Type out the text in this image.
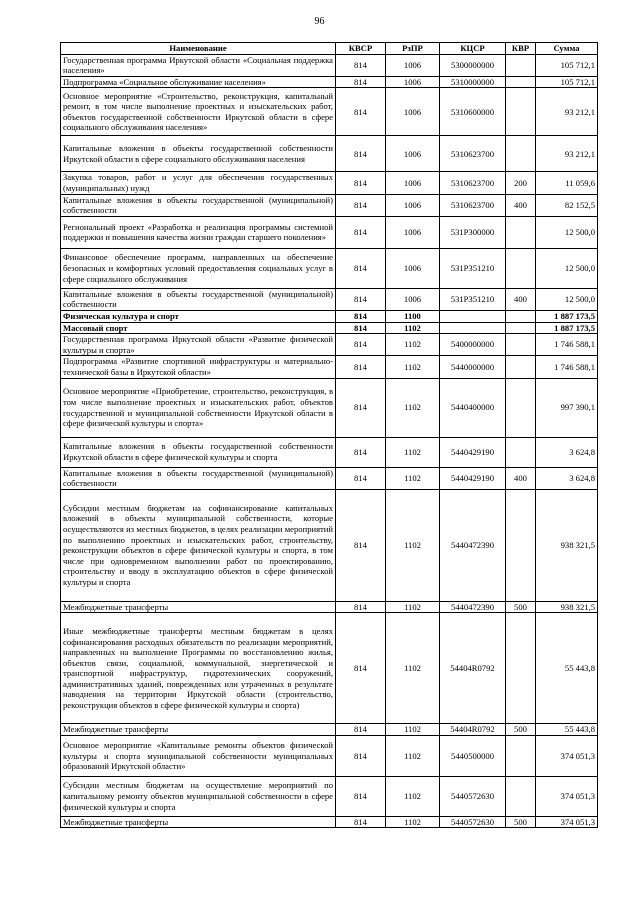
96
Наименование	КВСР	РзПР	КЦСР	КВР	Сумма
Государственная программа Иркутской области «Социальная поддержка населения»	814	1006	5300000000		105 712,1
Подпрограмма «Социальное обслуживание населения»	814	1006	5310000000		105 712,1
Основное мероприятие «Строительство, реконструкция, капитальный ремонт, в том числе выполнение проектных и изыскательских работ, объектов государственной собственности Иркутской области в сфере социального обслуживания населения»	814	1006	5310600000		93 212,1
Капитальные вложения в объекты государственной собственности Иркутской области в сфере социального обслуживания населения	814	1006	5310623700		93 212,1
Закупка товаров, работ и услуг для обеспечения государственных (муниципальных) нужд	814	1006	5310623700	200	11 059,6
Капитальные вложения в объекты государственной (муниципальной) собственности	814	1006	5310623700	400	82 152,5
Региональный проект «Разработка и реализация программы системной поддержки и повышения качества жизни граждан старшего поколения»	814	1006	531P300000		12 500,0
Финансовое обеспечение программ, направленных на обеспечение безопасных и комфортных условий предоставления социальных услуг в сфере социального обслуживания	814	1006	531P351210		12 500,0
Капитальные вложения в объекты государственной (муниципальной) собственности	814	1006	531P351210	400	12 500,0
Физическая культура и спорт	814	1100			1 887 173,5
Массовый спорт	814	1102			1 887 173,5
Государственная программа Иркутской области «Развитие физической культуры и спорта»	814	1102	5400000000		1 746 588,1
Подпрограмма «Развитие спортивной инфраструктуры и материально- технической базы в Иркутской области»	814	1102	5440000000		1 746 588,1
Основное мероприятие «Приобретение, строительство, реконструкция, в том числе выполнение проектных и изыскательских работ, объектов государственной и муниципальной собственности Иркутской области в сфере физической культуры и спорта»	814	1102	5440400000		997 390,1
Капитальные вложения в объекты государственной собственности Иркутской области в сфере физической культуры и спорта	814	1102	5440429190		3 624,8
Капитальные вложения в объекты государственной (муниципальной) собственности	814	1102	5440429190	400	3 624,8
Субсидии местным бюджетам на софинансирование капитальных вложений в объекты муниципальной собственности, которые осуществляются из местных бюджетов, в целях реализации мероприятий по выполнению проектных и изыскательских работ, строительству, реконструкции объектов в сфере физической культуры и спорта, в том числе при одновременном выполнении работ по проектированию, строительству и вводу в эксплуатацию объектов в сфере физической культуры и спорта	814	1102	5440472390		938 321,5
Межбюджетные трансферты	814	1102	5440472390	500	938 321,5
Иные межбюджетные трансферты местным бюджетам в целях софинансирования расходных обязательств по реализации мероприятий, направленных на выполнение Программы по восстановлению жилья, объектов связи, социальной, коммунальной, энергетической и транспортной инфраструктур, гидротехнических сооружений, административных зданий, поврежденных или утраченных в результате наводнения на территории Иркутской области (строительство, реконструкция объектов в сфере физической культуры и спорта)	814	1102	54404R0792		55 443,8
Межбюджетные трансферты	814	1102	54404R0792	500	55 443,8
Основное мероприятие «Капитальные ремонты объектов физической культуры и спорта муниципальной собственности муниципальных образований Иркутской области»	814	1102	5440500000		374 051,3
Субсидии местным бюджетам на осуществление мероприятий по капитальному ремонту объектов муниципальной собственности в сфере физической культуры и спорта	814	1102	5440572630		374 051,3
Межбюджетные трансферты	814	1102	5440572630	500	374 051,3
